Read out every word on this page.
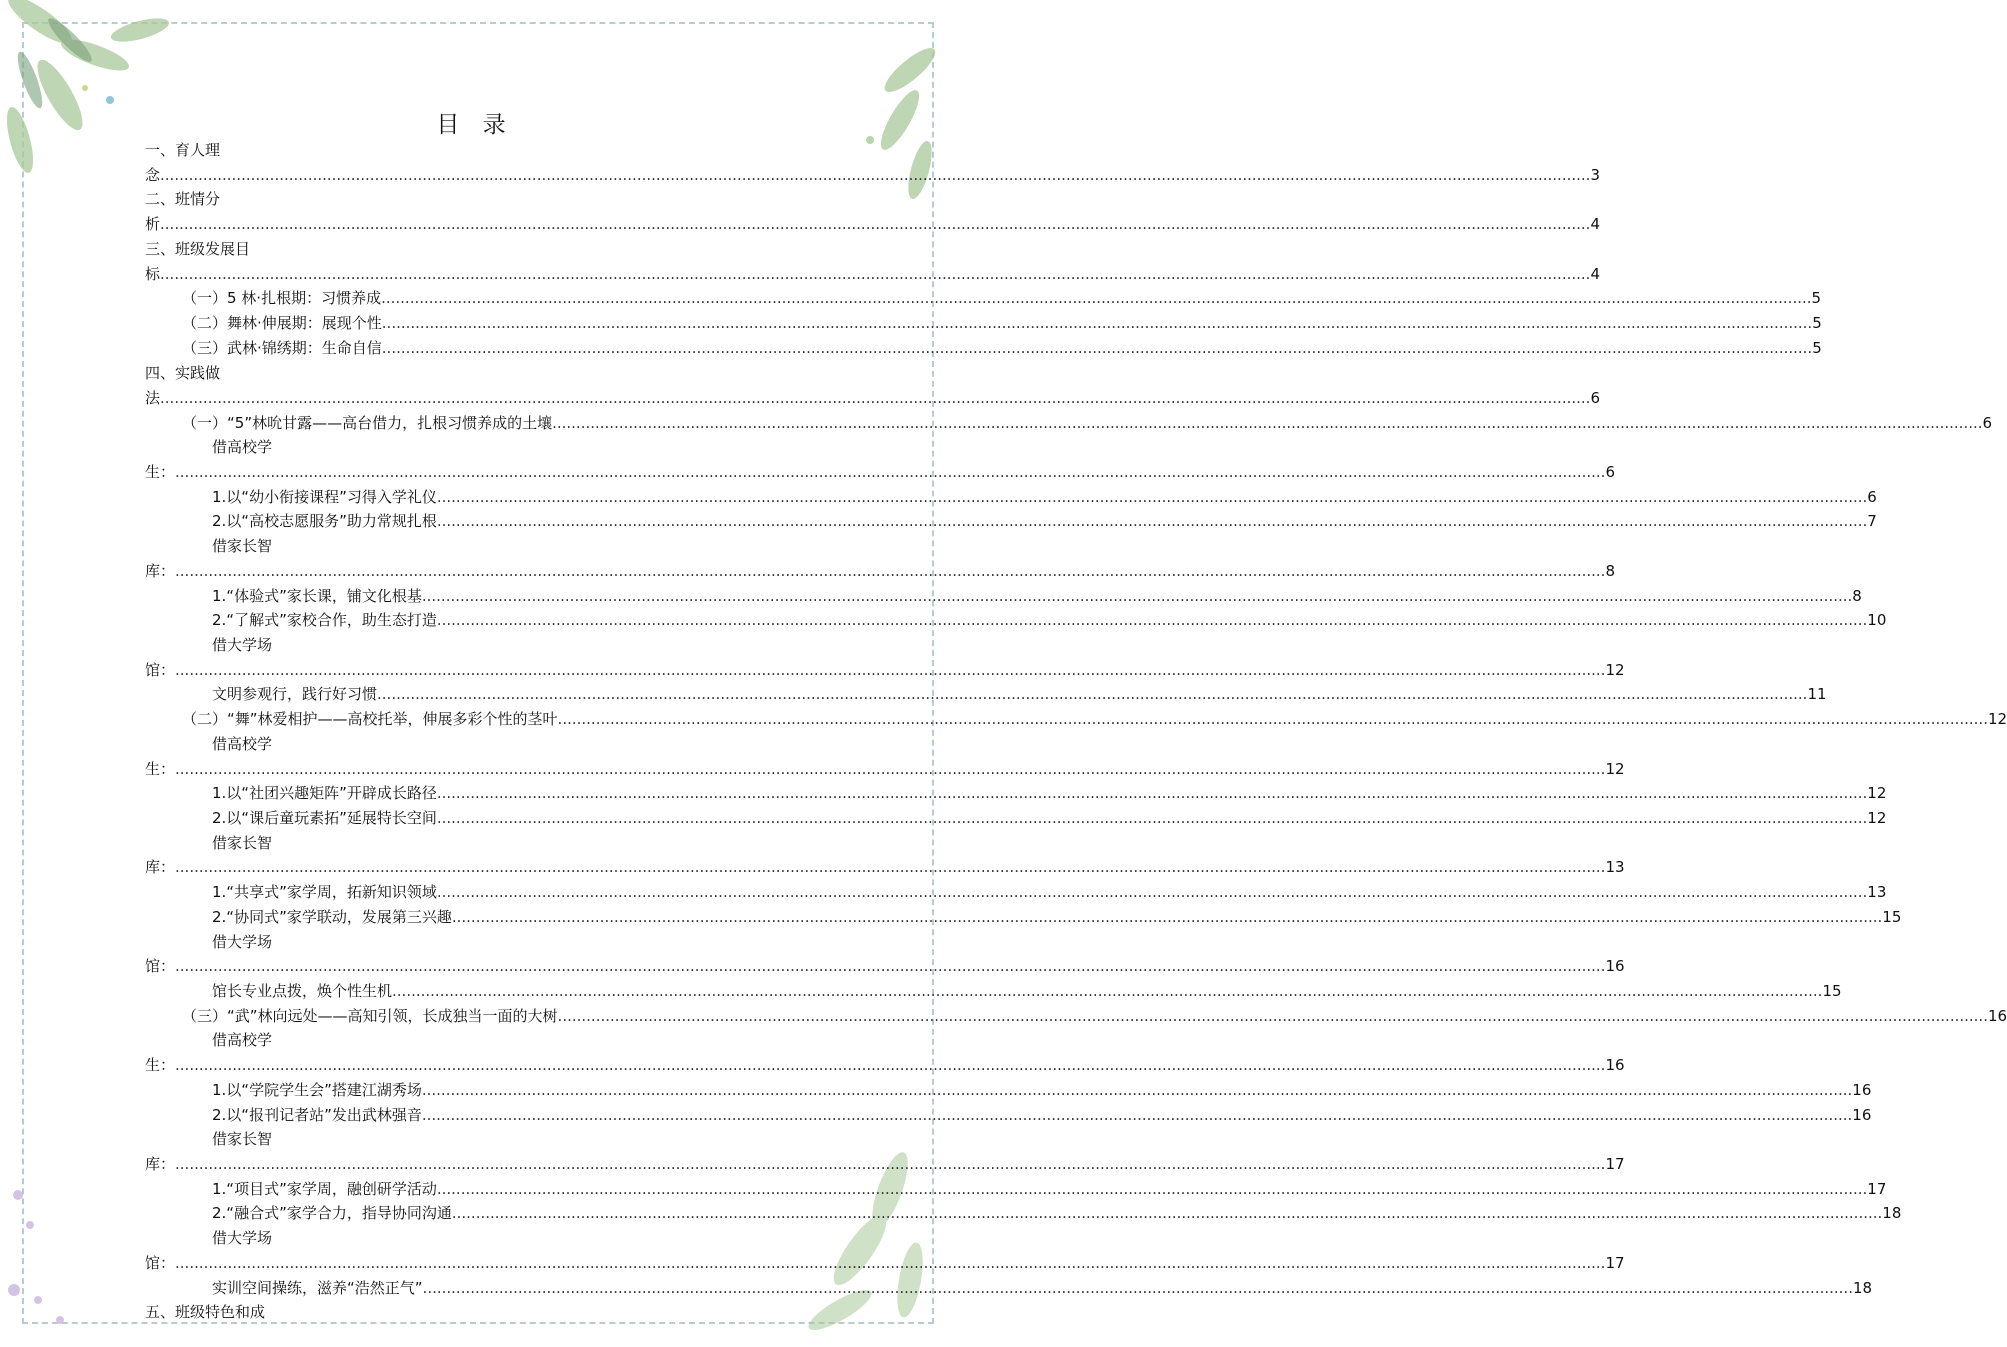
目 录
一、育人理
念 ............................................................................................................................................................................................................................................................................................................ 3
二、班情分
析 ............................................................................................................................................................................................................................................................................................................ 4
三、班级发展目
标 ............................................................................................................................................................................................................................................................................................................ 4
（一）5 林·扎根期：习惯养成 ............................................................................................................................................................................................................................................................................................................ 5
（二）舞林·伸展期：展现个性 ............................................................................................................................................................................................................................................................................................................ 5
（三）武林·锦绣期：生命自信 ............................................................................................................................................................................................................................................................................................................ 5
四、实践做
法 ............................................................................................................................................................................................................................................................................................................ 6
（一）“5”林吮甘露——高台借力，扎根习惯养成的土壤 ............................................................................................................................................................................................................................................................................................................ 6
借高校学
生： ............................................................................................................................................................................................................................................................................................................ 6
1.以“幼小衔接课程”习得入学礼仪 ............................................................................................................................................................................................................................................................................................................ 6
2.以“高校志愿服务”助力常规扎根 ............................................................................................................................................................................................................................................................................................................ 7
借家长智
库： ............................................................................................................................................................................................................................................................................................................ 8
1.“体验式”家长课，铺文化根基 ............................................................................................................................................................................................................................................................................................................ 8
2.“了解式”家校合作，助生态打造 ............................................................................................................................................................................................................................................................................................................ 10
借大学场
馆： ............................................................................................................................................................................................................................................................................................................ 12
文明参观行，践行好习惯 ............................................................................................................................................................................................................................................................................................................ 11
（二）“舞”林爱相护——高校托举，伸展多彩个性的茎叶 ............................................................................................................................................................................................................................................................................................................ 12
借高校学
生： ............................................................................................................................................................................................................................................................................................................ 12
1.以“社团兴趣矩阵”开辟成长路径 ............................................................................................................................................................................................................................................................................................................ 12
2.以“课后童玩素拓”延展特长空间 ............................................................................................................................................................................................................................................................................................................ 12
借家长智
库： ............................................................................................................................................................................................................................................................................................................ 13
1.“共享式”家学周，拓新知识领域 ............................................................................................................................................................................................................................................................................................................ 13
2.“协同式”家学联动，发展第三兴趣 ............................................................................................................................................................................................................................................................................................................ 15
借大学场
馆： ............................................................................................................................................................................................................................................................................................................ 16
馆长专业点拨，焕个性生机 ............................................................................................................................................................................................................................................................................................................ 15
（三）“武”林向远处——高知引领，长成独当一面的大树 ............................................................................................................................................................................................................................................................................................................ 16
借高校学
生： ............................................................................................................................................................................................................................................................................................................ 16
1.以“学院学生会”搭建江湖秀场 ............................................................................................................................................................................................................................................................................................................ 16
2.以“报刊记者站”发出武林强音 ............................................................................................................................................................................................................................................................................................................ 16
借家长智
库： ............................................................................................................................................................................................................................................................................................................ 17
1.“项目式”家学周，融创研学活动 ............................................................................................................................................................................................................................................................................................................ 17
2.“融合式”家学合力，指导协同沟通 ............................................................................................................................................................................................................................................................................................................ 18
借大学场
馆： ............................................................................................................................................................................................................................................................................................................ 17
实训空间操练，滋养“浩然正气” ............................................................................................................................................................................................................................................................................................................ 18
五、班级特色和成
